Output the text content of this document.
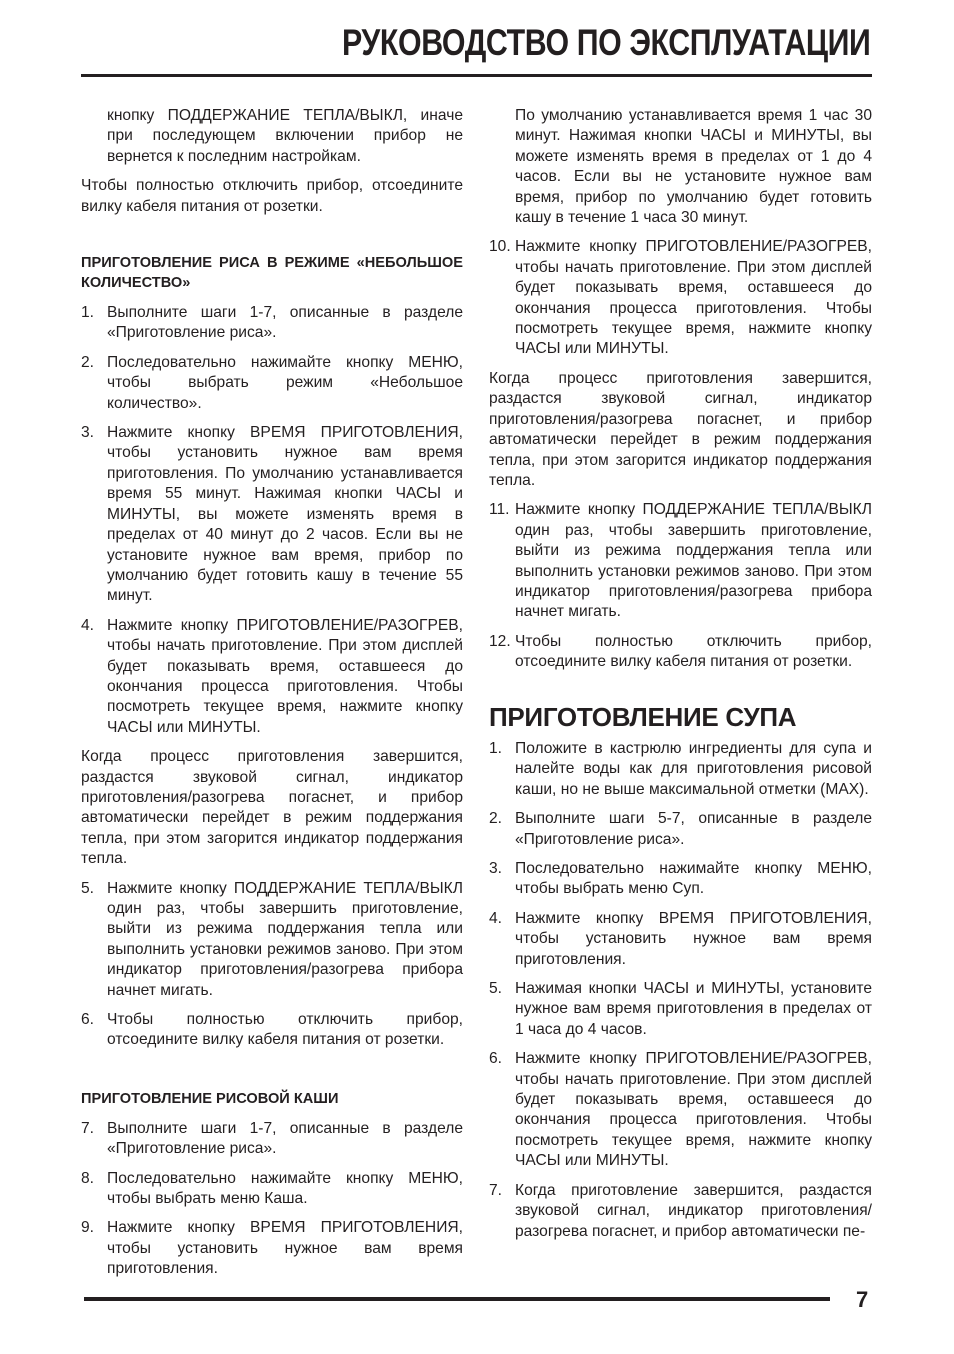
РУКОВОДСТВО ПО ЭКСПЛУАТАЦИИ

кнопку ПОДДЕРЖАНИЕ ТЕПЛА/ВЫКЛ, иначе при последующем включении прибор не вернется к последним настройкам.

Чтобы полностью отключить прибор, отсоедините вилку кабеля питания от розетки.

ПРИГОТОВЛЕНИЕ РИСА В РЕЖИМЕ «НЕБОЛЬШОЕ КОЛИЧЕСТВО»
1. Выполните шаги 1-7, описанные в разделе «Приготовление риса».
2. Последовательно нажимайте кнопку МЕНЮ, чтобы выбрать режим «Небольшое количество».
3. Нажмите кнопку ВРЕМЯ ПРИГОТОВЛЕНИЯ, чтобы установить нужное вам время приготовления. По умолчанию устанавливается время 55 минут. Нажимая кнопки ЧАСЫ и МИНУТЫ, вы можете изменять время в пределах от 40 минут до 2 часов. Если вы не установите нужное вам время, прибор по умолчанию будет готовить кашу в течение 55 минут.
4. Нажмите кнопку ПРИГОТОВЛЕНИЕ/РАЗОГРЕВ, чтобы начать приготовление. При этом дисплей будет показывать время, оставшееся до окончания процесса приготовления. Чтобы посмотреть текущее время, нажмите кнопку ЧАСЫ или МИНУТЫ.

Когда процесс приготовления завершится, раздастся звуковой сигнал, индикатор приготовления/разогрева погаснет, и прибор автоматически перейдет в режим поддержания тепла, при этом загорится индикатор поддержания тепла.

5. Нажмите кнопку ПОДДЕРЖАНИЕ ТЕПЛА/ВЫКЛ один раз, чтобы завершить приготовление, выйти из режима поддержания тепла или выполнить установки режимов заново. При этом индикатор приготовления/разогрева прибора начнет мигать.
6. Чтобы полностью отключить прибор, отсоедините вилку кабеля питания от розетки.
ПРИГОТОВЛЕНИЕ РИСОВОЙ КАШИ
7. Выполните шаги 1-7, описанные в разделе «Приготовление риса».
8. Последовательно нажимайте кнопку МЕНЮ, чтобы выбрать меню Каша.
9. Нажмите кнопку ВРЕМЯ ПРИГОТОВЛЕНИЯ, чтобы установить нужное вам время приготовления.

По умолчанию устанавливается время 1 час 30 минут. Нажимая кнопки ЧАСЫ и МИНУТЫ, вы можете изменять время в пределах от 1 до 4 часов. Если вы не установите нужное вам время, прибор по умолчанию будет готовить кашу в течение 1 часа 30 минут.

10. Нажмите кнопку ПРИГОТОВЛЕНИЕ/РАЗОГРЕВ, чтобы начать приготовление. При этом дисплей будет показывать время, оставшееся до окончания процесса приготовления. Чтобы посмотреть текущее время, нажмите кнопку ЧАСЫ или МИНУТЫ.

Когда процесс приготовления завершится, раздастся звуковой сигнал, индикатор приготовления/разогрева погаснет, и прибор автоматически перейдет в режим поддержания тепла, при этом загорится индикатор поддержания тепла.

11. Нажмите кнопку ПОДДЕРЖАНИЕ ТЕПЛА/ВЫКЛ один раз, чтобы завершить приготовление, выйти из режима поддержания тепла или выполнить установки режимов заново. При этом индикатор приготовления/разогрева прибора начнет мигать.
12. Чтобы полностью отключить прибор, отсоедините вилку кабеля питания от розетки.
ПРИГОТОВЛЕНИЕ СУПА
1. Положите в кастрюлю ингредиенты для супа и налейте воды как для приготовления рисовой каши, но не выше максимальной отметки (MAX).
2. Выполните шаги 5-7, описанные в разделе «Приготовление риса».
3. Последовательно нажимайте кнопку МЕНЮ, чтобы выбрать меню Суп.
4. Нажмите кнопку ВРЕМЯ ПРИГОТОВЛЕНИЯ, чтобы установить нужное вам время приготовления.
5. Нажимая кнопки ЧАСЫ и МИНУТЫ, установите нужное вам время приготовления в пределах от 1 часа до 4 часов.
6. Нажмите кнопку ПРИГОТОВЛЕНИЕ/РАЗОГРЕВ, чтобы начать приготовление. При этом дисплей будет показывать время, оставшееся до окончания процесса приготовления. Чтобы посмотреть текущее время, нажмите кнопку ЧАСЫ или МИНУТЫ.
7. Когда приготовление завершится, раздастся звуковой сигнал, индикатор приготовления/разогрева погаснет, и прибор автоматически пе-
7
